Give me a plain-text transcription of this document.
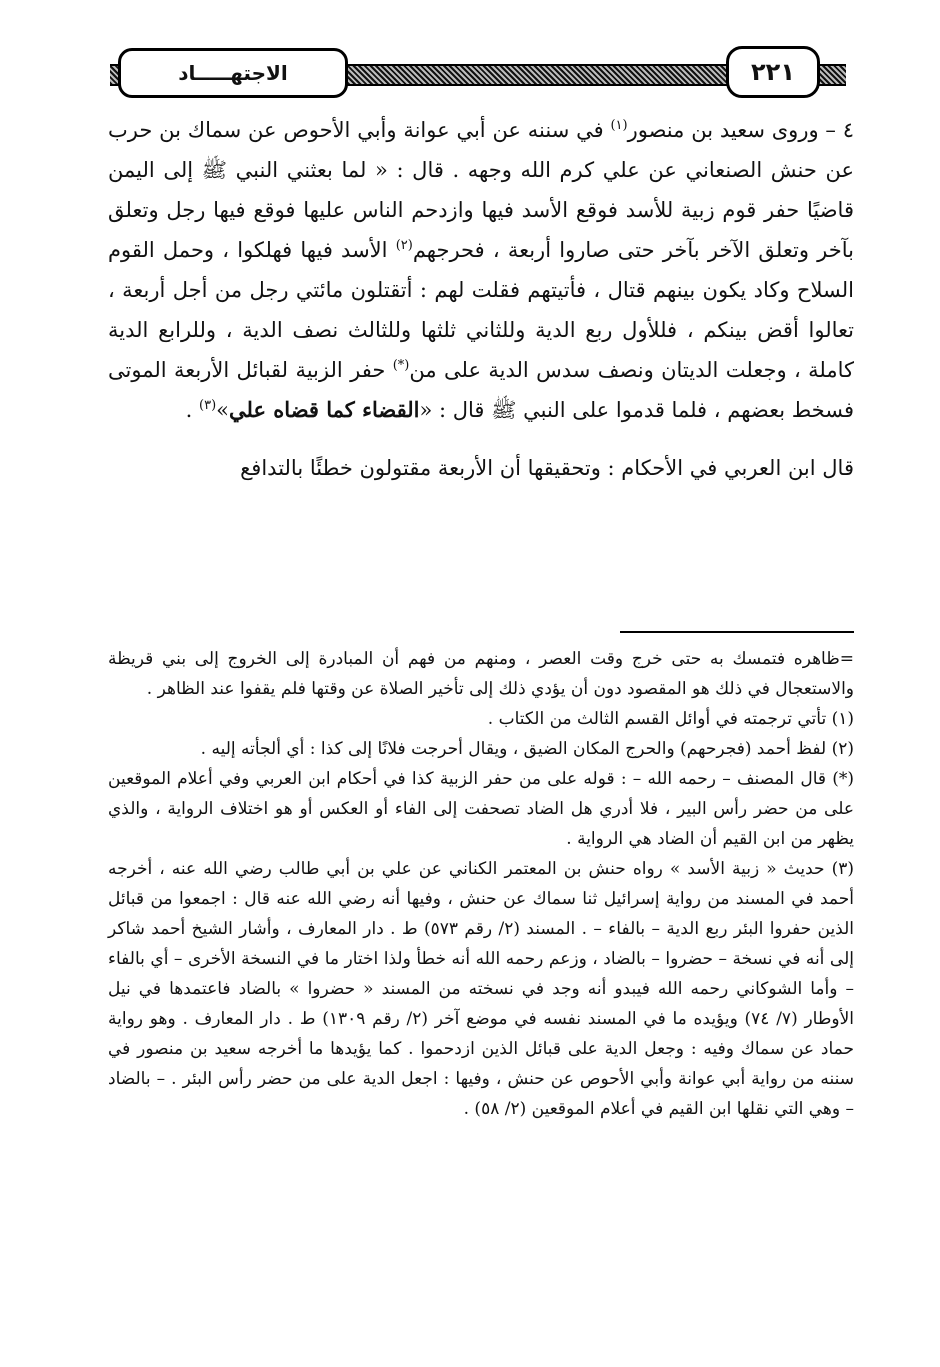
الاجتهـــــاد	٢٢١

٤ – وروى سعيد بن منصور$^{(١)}$ في سننه عن أبي عوانة وأبي الأحوص عن سماك بن حرب عن حنش الصنعاني عن علي كرم الله وجهه . قال : « لما بعثني النبي ﷺ إلى اليمن قاضيًا حفر قوم زبية للأسد فوقع الأسد فيها وازدحم الناس عليها فوقع فيها رجل وتعلق بآخر وتعلق الآخر بآخر حتى صاروا أربعة ، فحرجهم$^{(٢)}$ الأسد فيها فهلكوا ، وحمل القوم السلاح وكاد يكون بينهم قتال ، فأتيتهم فقلت لهم : أتقتلون مائتي رجل من أجل أربعة ، تعالوا أقض بينكم ، فللأول ربع الدية وللثاني ثلثها وللثالث نصف الدية ، وللرابع الدية كاملة ، وجعلت الديتان ونصف سدس الدية على من(*) حفر الزبية لقبائل الأربعة الموتى فسخط بعضهم ، فلما قدموا على النبي ﷺ قال : «القضاء كما قضاه علي»$^{(٣)}$ .

قال ابن العربي في الأحكام : وتحقيقها أن الأربعة مقتولون خطئًا بالتدافع

=ظاهره فتمسك به حتى خرج وقت العصر ، ومنهم من فهم أن المبادرة إلى الخروج إلى بني قريظة والاستعجال في ذلك هو المقصود دون أن يؤدي ذلك إلى تأخير الصلاة عن وقتها فلم يقفوا عند الظاهر .

(١) تأتي ترجمته في أوائل القسم الثالث من الكتاب .

(٢) لفظ أحمد (فجرحهم) والحرج المكان الضيق ، ويقال أحرجت فلانًا إلى كذا : أي ألجأته إليه .

(*) قال المصنف – رحمه الله – : قوله على من حفر الزبية كذا في أحكام ابن العربي وفي أعلام الموقعين على من حضر رأس البير ، فلا أدري هل الضاد تصحفت إلى الفاء أو العكس أو هو اختلاف الرواية ، والذي يظهر من ابن القيم أن الضاد هي الرواية .

(٣) حديث « زبية الأسد » رواه حنش بن المعتمر الكناني عن علي بن أبي طالب رضي الله عنه ، أخرجه أحمد في المسند من رواية إسرائيل ثنا سماك عن حنش ، وفيها أنه رضي الله عنه قال : اجمعوا من قبائل الذين حفروا البئر ربع الدية – بالفاء – . المسند (٢/ رقم ٥٧٣) ط . دار المعارف ، وأشار الشيخ أحمد شاكر إلى أنه في نسخة – حضروا – بالضاد ، وزعم رحمه الله أنه خطأ ولذا اختار ما في النسخة الأخرى – أي بالفاء – وأما الشوكاني رحمه الله فيبدو أنه وجد في نسخته من المسند « حضروا » بالضاد فاعتمدها في نيل الأوطار (٧/ ٧٤) ويؤيده ما في المسند نفسه في موضع آخر (٢/ رقم ١٣٠٩) ط . دار المعارف . وهو رواية حماد عن سماك وفيه : وجعل الدية على قبائل الذين ازدحموا . كما يؤيدها ما أخرجه سعيد بن منصور في سننه من رواية أبي عوانة وأبي الأحوص عن حنش ، وفيها : اجعل الدية على من حضر رأس البئر . – بالضاد – وهي التي نقلها ابن القيم في أعلام الموقعين (٢/ ٥٨) .
